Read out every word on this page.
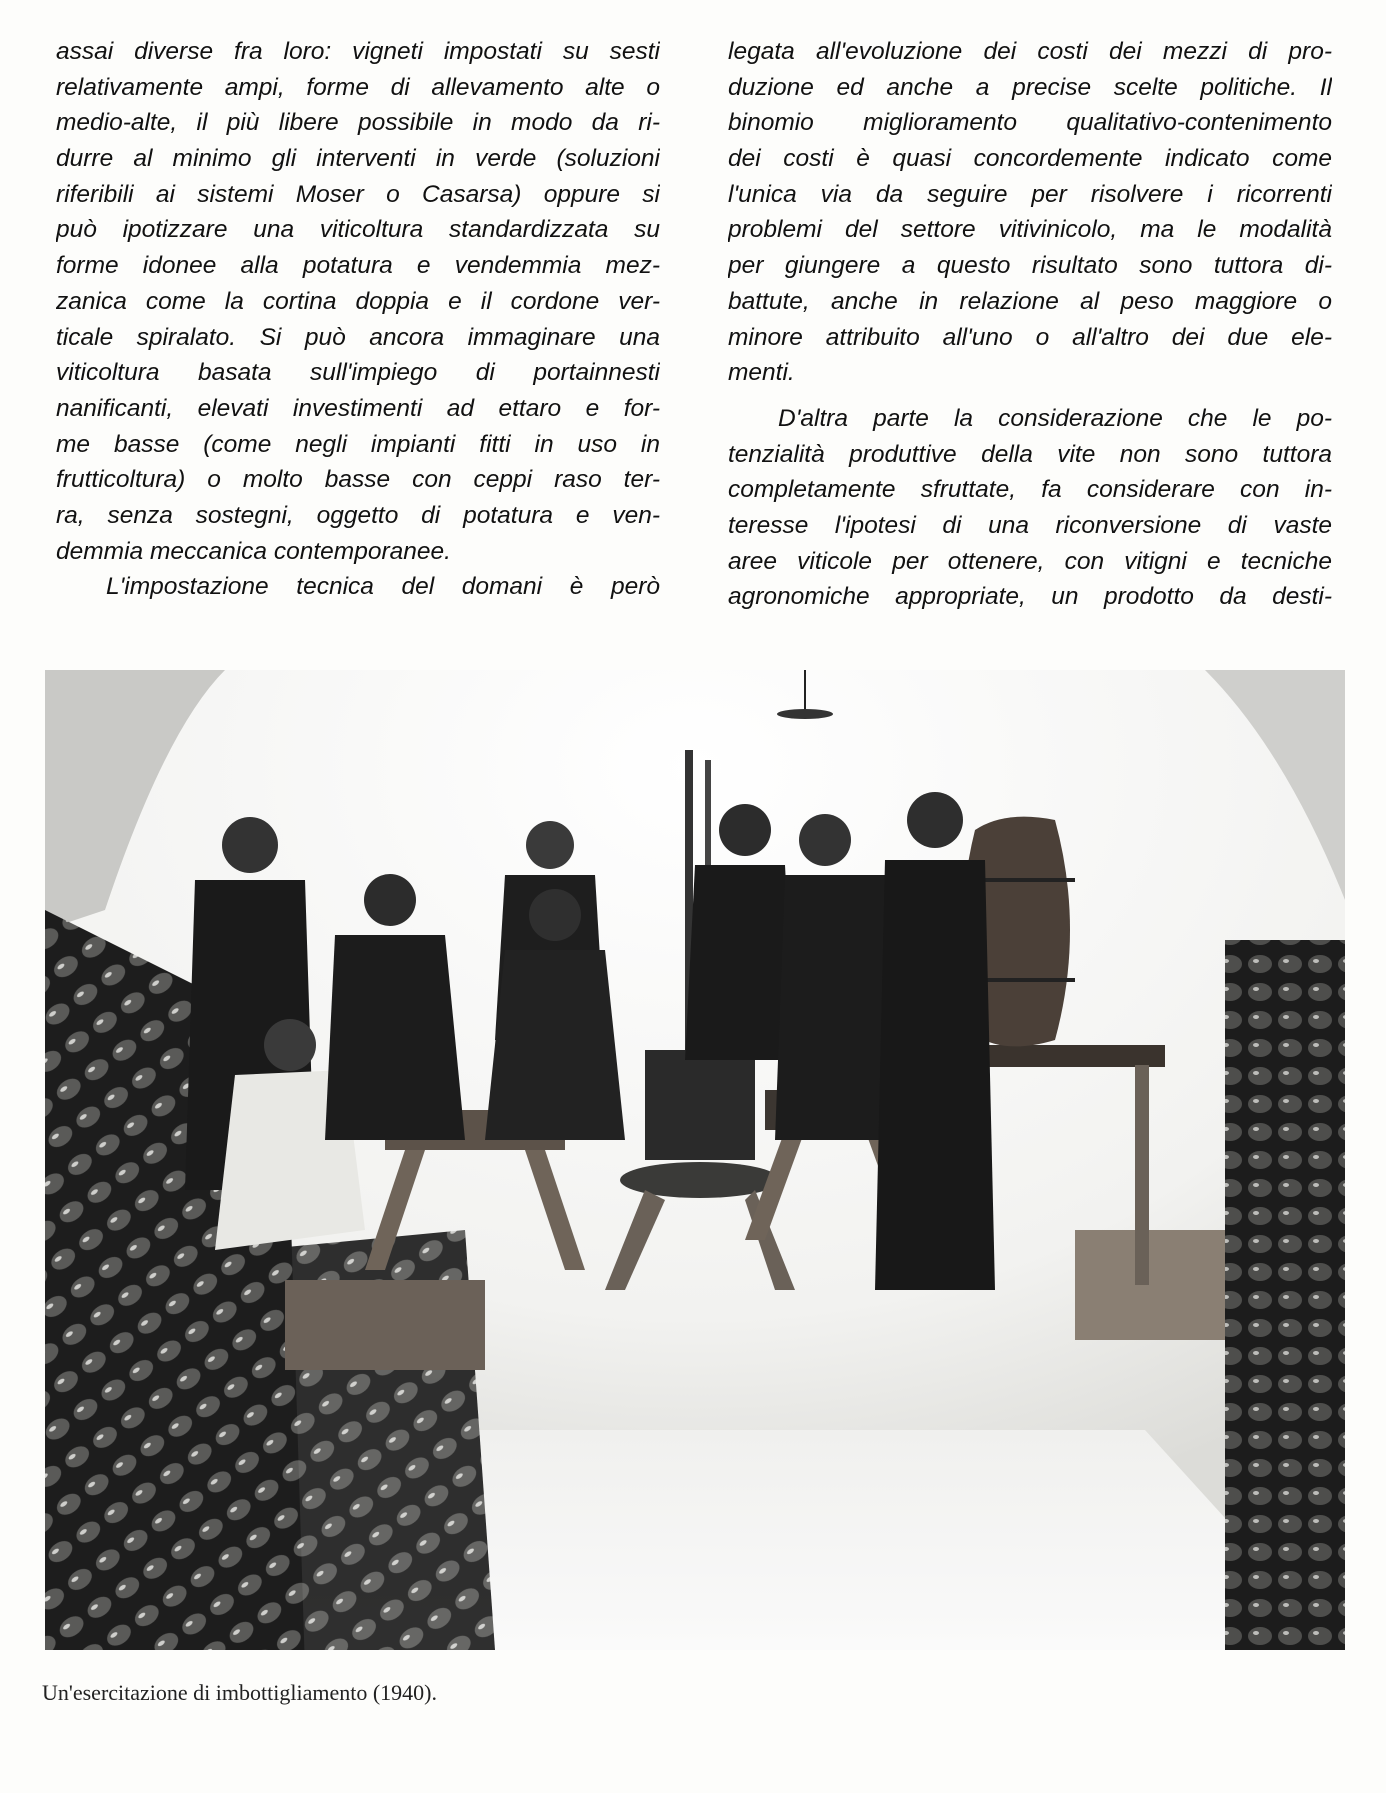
assai diverse fra loro: vigneti impostati su sesti
relativamente ampi, forme di allevamento alte o
medio-alte, il più libere possibile in modo da ri-
durre al minimo gli interventi in verde (soluzioni
riferibili ai sistemi Moser o Casarsa) oppure si
può ipotizzare una viticoltura standardizzata su
forme idonee alla potatura e vendemmia mez-
zanica come la cortina doppia e il cordone ver-
ticale spiralato. Si può ancora immaginare una
viticoltura basata sull'impiego di portainnesti
nanificanti, elevati investimenti ad ettaro e for-
me basse (come negli impianti fitti in uso in
frutticoltura) o molto basse con ceppi raso ter-
ra, senza sostegni, oggetto di potatura e ven-
demmia meccanica contemporanee.
L'impostazione tecnica del domani è però
legata all'evoluzione dei costi dei mezzi di pro-
duzione ed anche a precise scelte politiche. Il
binomio miglioramento qualitativo-contenimento
dei costi è quasi concordemente indicato come
l'unica via da seguire per risolvere i ricorrenti
problemi del settore vitivinicolo, ma le modalità
per giungere a questo risultato sono tuttora di-
battute, anche in relazione al peso maggiore o
minore attribuito all'uno o all'altro dei due ele-
menti.
D'altra parte la considerazione che le po-
tenzialità produttive della vite non sono tuttora
completamente sfruttate, fa considerare con in-
teresse l'ipotesi di una riconversione di vaste
aree viticole per ottenere, con vitigni e tecniche
agronomiche appropriate, un prodotto da desti-
Un'esercitazione di imbottigliamento (1940).
